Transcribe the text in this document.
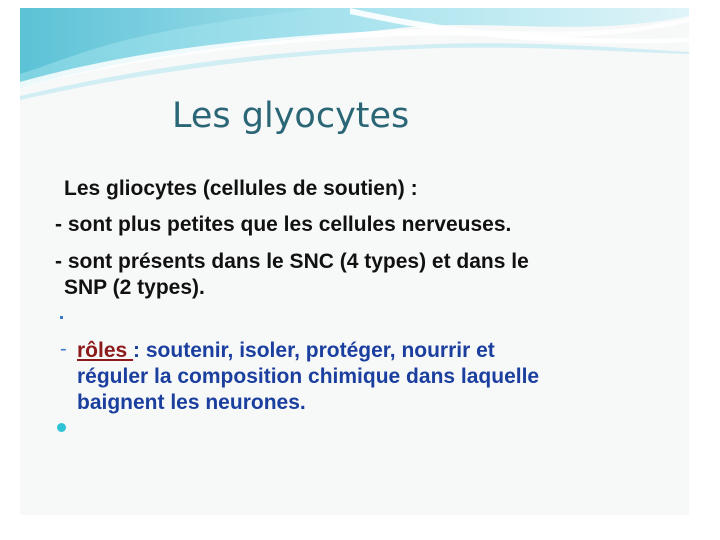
Les glyocytes
Les gliocytes (cellules de soutien) :
- sont plus petites que les cellules nerveuses.
- sont présents dans le SNC (4 types) et dans le
SNP (2 types).
- rôles : soutenir, isoler, protéger, nourrir et
réguler la composition chimique dans laquelle
baignent les neurones.
